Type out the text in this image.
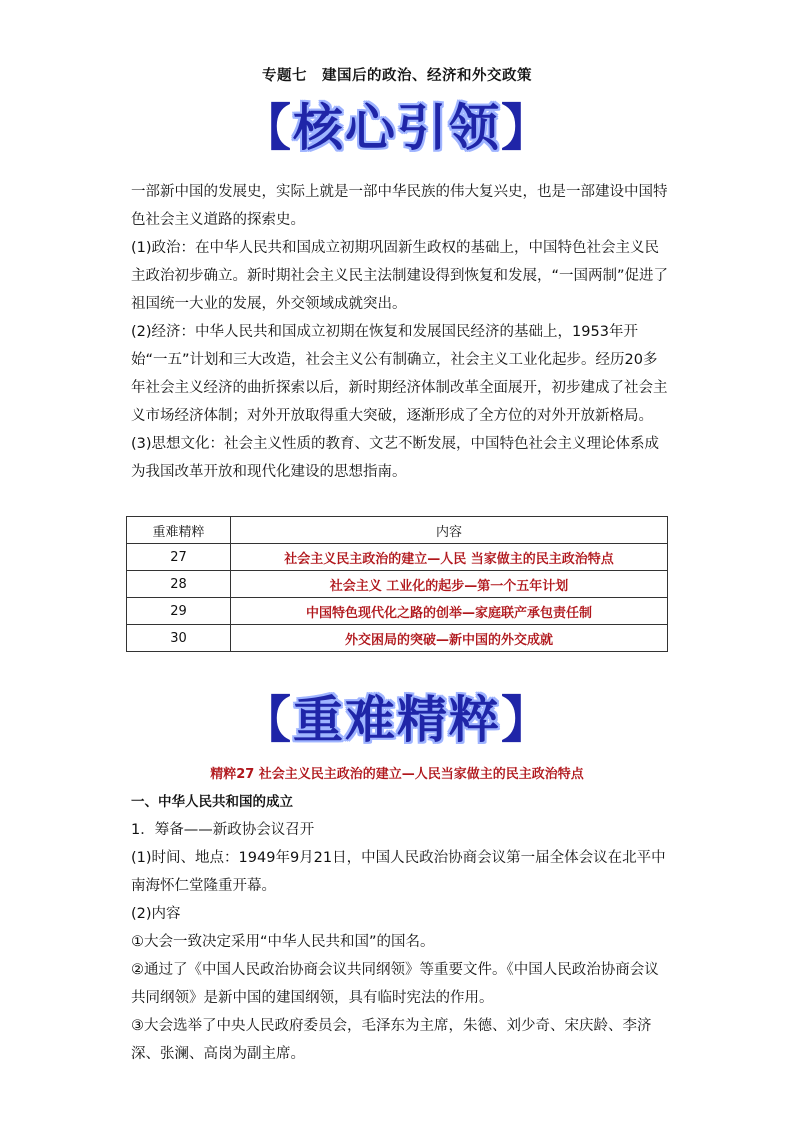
专题七　建国后的政治、经济和外交政策
【核心引领】

一部新中国的发展史，实际上就是一部中华民族的伟大复兴史，也是一部建设中国特色社会主义道路的探索史。

(1)政治：在中华人民共和国成立初期巩固新生政权的基础上，中国特色社会主义民主政治初步确立。新时期社会主义民主法制建设得到恢复和发展，“一国两制”促进了祖国统一大业的发展，外交领域成就突出。

(2)经济：中华人民共和国成立初期在恢复和发展国民经济的基础上，1953年开始“一五”计划和三大改造，社会主义公有制确立，社会主义工业化起步。经历20多年社会主义经济的曲折探索以后，新时期经济体制改革全面展开，初步建成了社会主义市场经济体制；对外开放取得重大突破，逐渐形成了全方位的对外开放新格局。

(3)思想文化：社会主义性质的教育、文艺不断发展，中国特色社会主义理论体系成为我国改革开放和现代化建设的思想指南。

重难精粹	内容
27	社会主义民主政治的建立—人民 当家做主的民主政治特点
28	社会主义 工业化的起步—第一个五年计划
29	中国特色现代化之路的创举—家庭联产承包责任制
30	外交困局的突破—新中国的外交成就
【重难精粹】
精粹27 社会主义民主政治的建立—人民当家做主的民主政治特点
一、中华人民共和国的成立

1．筹备——新政协会议召开

(1)时间、地点：1949年9月21日，中国人民政治协商会议第一届全体会议在北平中南海怀仁堂隆重开幕。

(2)内容

①大会一致决定采用“中华人民共和国”的国名。

②通过了《中国人民政治协商会议共同纲领》等重要文件。《中国人民政治协商会议共同纲领》是新中国的建国纲领，具有临时宪法的作用。

③大会选举了中央人民政府委员会，毛泽东为主席，朱德、刘少奇、宋庆龄、李济深、张澜、高岗为副主席。
